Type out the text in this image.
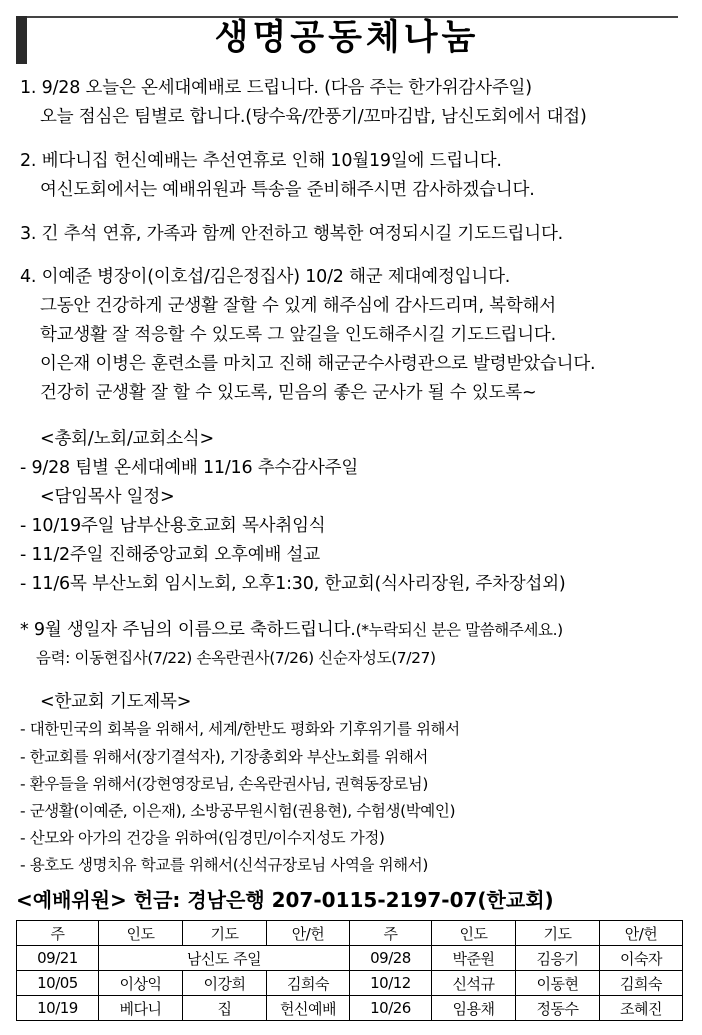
생명공동체나눔
1. 9/28 오늘은 온세대예배로 드립니다. (다음 주는 한가위감사주일)
오늘 점심은 팀별로 합니다.(탕수육/깐풍기/꼬마김밥, 남신도회에서 대접)
2. 베다니집 헌신예배는 추선연휴로 인해 10월19일에 드립니다.
여신도회에서는 예배위원과 특송을 준비해주시면 감사하겠습니다.
3. 긴 추석 연휴, 가족과 함께 안전하고 행복한 여정되시길 기도드립니다.
4. 이예준 병장이(이호섭/김은정집사) 10/2 해군 제대예정입니다.
그동안 건강하게 군생활 잘할 수 있게 해주심에 감사드리며, 복학해서
학교생활 잘 적응할 수 있도록 그 앞길을 인도해주시길 기도드립니다.
이은재 이병은 훈련소를 마치고 진해 해군군수사령관으로 발령받았습니다.
건강히 군생활 잘 할 수 있도록, 믿음의 좋은 군사가 될 수 있도록~
<총회/노회/교회소식>
- 9/28 팀별 온세대예배 11/16 추수감사주일
<담임목사 일정>
- 10/19주일 남부산용호교회 목사취임식
- 11/2주일 진해중앙교회 오후예배 설교
- 11/6목 부산노회 임시노회, 오후1:30, 한교회(식사리장원, 주차장섭외)
* 9월 생일자 주님의 이름으로 축하드립니다.(*누락되신 분은 말씀해주세요.)
음력: 이동현집사(7/22) 손옥란권사(7/26) 신순자성도(7/27)
<한교회 기도제목>
- 대한민국의 회복을 위해서, 세계/한반도 평화와 기후위기를 위해서
- 한교회를 위해서(장기결석자), 기장총회와 부산노회를 위해서
- 환우들을 위해서(강현영장로님, 손옥란권사님, 권혁동장로님)
- 군생활(이예준, 이은재), 소방공무원시험(권용현), 수험생(박예인)
- 산모와 아가의 건강을 위하여(임경민/이수지성도 가정)
- 용호도 생명치유 학교를 위해서(신석규장로님 사역을 위해서)
<예배위원> 헌금: 경남은행 207-0115-2197-07(한교회)
주	인도	기도	안/헌	주	인도	기도	안/헌
09/21	남신도 주일			09/28	박준원	김응기	이숙자
10/05	이상익	이강희	김희숙	10/12	신석규	이동현	김희숙
10/19	베다니	집	헌신예배	10/26	임용채	정동수	조혜진
